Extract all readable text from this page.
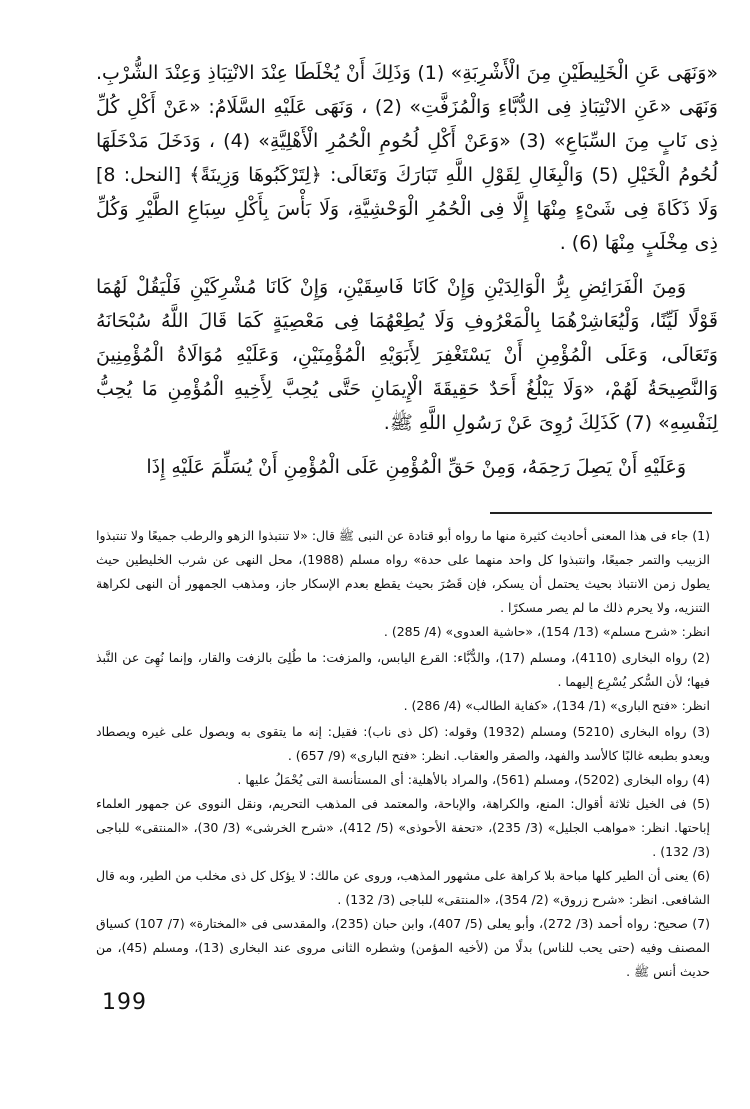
«وَنَهَى عَنِ الْخَلِيطَيْنِ مِنَ الْأَشْرِبَةِ» (1) وَذَلِكَ أَنْ يُخْلَطَا عِنْدَ الانْتِبَاذِ وَعِنْدَ الشُّرْبِ. وَنَهَى «عَنِ الانْتِبَاذِ فِى الدُّبَّاءِ وَالْمُزَفَّتِ» (2) ، وَنَهَى عَلَيْهِ السَّلَامُ: «عَنْ أَكْلِ كُلِّ ذِى نَابٍ مِنَ السِّبَاعِ» (3) «وَعَنْ أَكْلِ لُحُومِ الْحُمُرِ الْأَهْلِيَّةِ» (4) ، وَدَخَلَ مَدْخَلَهَا لُحُومُ الْخَيْلِ (5) وَالْبِغَالِ لِقَوْلِ اللَّهِ تَبَارَكَ وَتَعَالَى: ﴿لِتَرْكَبُوهَا وَزِينَةً﴾ [النحل: 8] وَلَا ذَكَاةَ فِى شَىْءٍ مِنْهَا إِلَّا فِى الْحُمُرِ الْوَحْشِيَّةِ، وَلَا بَأْسَ بِأَكْلِ سِبَاعِ الطَّيْرِ وَكُلِّ ذِى مِخْلَبٍ مِنْهَا (6) .

وَمِنَ الْفَرَائِضِ بِرُّ الْوَالِدَيْنِ وَإِنْ كَانَا فَاسِقَيْنِ، وَإِنْ كَانَا مُشْرِكَيْنِ فَلْيَقُلْ لَهُمَا قَوْلًا لَيِّنًا، وَلْيُعَاشِرْهُمَا بِالْمَعْرُوفِ وَلَا يُطِعْهُمَا فِى مَعْصِيَةٍ كَمَا قَالَ اللَّهُ سُبْحَانَهُ وَتَعَالَى، وَعَلَى الْمُؤْمِنِ أَنْ يَسْتَغْفِرَ لِأَبَوَيْهِ الْمُؤْمِنَيْنِ، وَعَلَيْهِ مُوَالَاةُ الْمُؤْمِنِينَ وَالنَّصِيحَةُ لَهُمْ، «وَلَا يَبْلُغُ أَحَدٌ حَقِيقَةَ الْإِيمَانِ حَتَّى يُحِبَّ لِأَخِيهِ الْمُؤْمِنِ مَا يُحِبُّ لِنَفْسِهِ» (7) كَذَلِكَ رُوِىَ عَنْ رَسُولِ اللَّهِ ﷺ.

وَعَلَيْهِ أَنْ يَصِلَ رَحِمَهُ، وَمِنْ حَقِّ الْمُؤْمِنِ عَلَى الْمُؤْمِنِ أَنْ يُسَلِّمَ عَلَيْهِ إِذَا

(1) جاء فى هذا المعنى أحاديث كثيرة منها ما رواه أبو قتادة عن النبى ﷺ قال: «لا تنتبذوا الزهو والرطب جميعًا ولا تنتبذوا الزبيب والتمر جميعًا، وانتبذوا كل واحد منهما على حدة» رواه مسلم (1988)، محل النهى عن شرب الخليطين حيث يطول زمن الانتباذ بحيث يحتمل أن يسكر، فإن قَصُرَ بحيث يقطع بعدم الإسكار جاز، ومذهب الجمهور أن النهى لكراهة التنزيه، ولا يحرم ذلك ما لم يصر مسكرًا .

انظر: «شرح مسلم» (13/ 154)، «حاشية العدوى» (4/ 285) .

(2) رواه البخارى (4110)، ومسلم (17)، والدُّبَّاء: القرع اليابس، والمزفت: ما طُلِىَ بالزفت والقار، وإنما نُهِىَ عن النَّبذ فيها؛ لأن السُّكر يُسْرِع إليهما .

انظر: «فتح البارى» (1/ 134)، «كفاية الطالب» (4/ 286) .

(3) رواه البخارى (5210) ومسلم (1932) وقوله: (كل ذى ناب): فقيل: إنه ما يتقوى به ويصول على غيره ويصطاد ويعدو بطبعه غالبًا كالأسد والفهد، والصقر والعقاب. انظر: «فتح البارى» (9/ 657) .

(4) رواه البخارى (5202)، ومسلم (561)، والمراد بالأهلية: أى المستأنسة التى يُحْمَلُ عليها .

(5) فى الخيل ثلاثة أقوال: المنع، والكراهة، والإباحة، والمعتمد فى المذهب التحريم، ونقل النووى عن جمهور العلماء إباحتها. انظر: «مواهب الجليل» (3/ 235)، «تحفة الأحوذى» (5/ 412)، «شرح الخرشى» (3/ 30)، «المنتقى» للباجى (3/ 132) .

(6) يعنى أن الطير كلها مباحة بلا كراهة على مشهور المذهب، وروى عن مالك: لا يؤكل كل ذى مخلب من الطير، وبه قال الشافعى. انظر: «شرح زروق» (2/ 354)، «المنتقى» للباجى (3/ 132) .

(7) صحيح: رواه أحمد (3/ 272)، وأبو يعلى (5/ 407)، وابن حبان (235)، والمقدسى فى «المختارة» (7/ 107) كسياق المصنف وفيه (حتى يحب للناس) بدلًا من (لأخيه المؤمن) وشطره الثانى مروى عند البخارى (13)، ومسلم (45)، من حديث أنس ﷺ .

199
